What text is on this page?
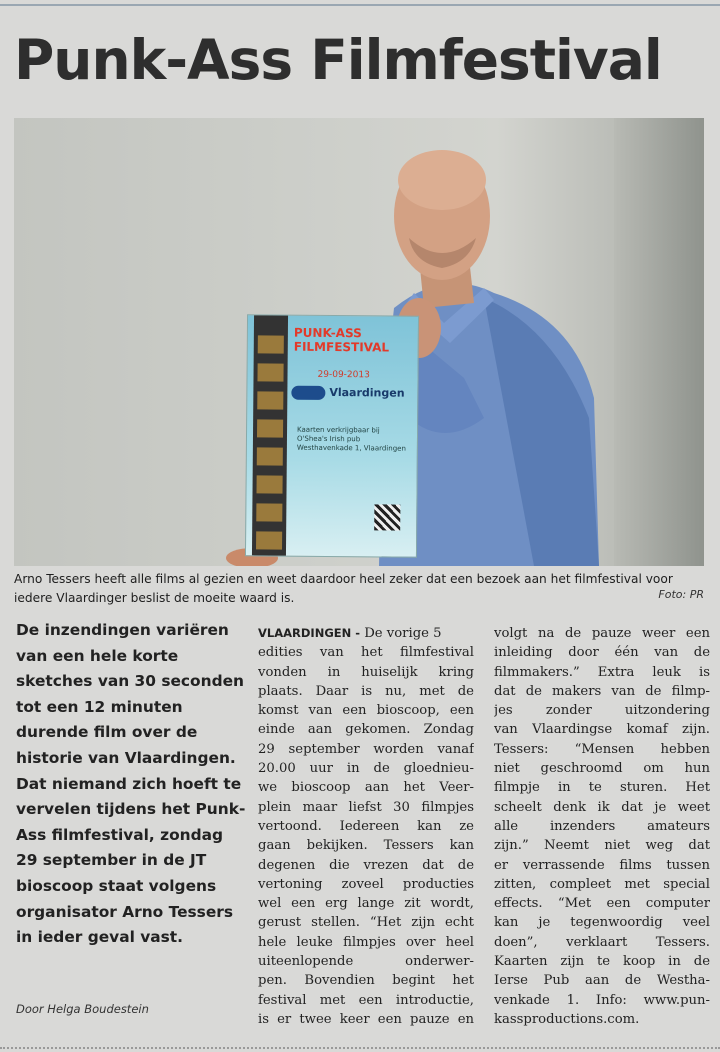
Punk-Ass Filmfestival
PUNK-ASS FILMFESTIVAL
29-09-2013
Vlaardingen
Kaarten verkrijgbaar bij O'Shea's Irish pub Westhavenkade 1, Vlaardingen
Arno Tessers heeft alle films al gezien en weet daardoor heel zeker dat een bezoek aan het filmfestival voor iedere Vlaardinger beslist de moeite waard is.	Foto: PR
De inzendingen variëren van een hele korte sketches van 30 seconden tot een 12 minuten durende film over de historie van Vlaardingen. Dat niemand zich hoeft te vervelen tijdens het Punk-Ass filmfestival, zondag 29 september in de JT bioscoop staat volgens organisator Arno Tessers in ieder geval vast.
Door Helga Boudestein
VLAARDINGEN - De vorige 5
edities van het filmfestival
vonden in huiselijk kring
plaats. Daar is nu, met de
komst van een bioscoop, een
einde aan gekomen. Zondag
29 september worden vanaf
20.00 uur in de gloednieu-
we bioscoop aan het Veer-
plein maar liefst 30 filmpjes
vertoond. Iedereen kan ze
gaan bekijken. Tessers kan
degenen die vrezen dat de
vertoning zoveel producties
wel een erg lange zit wordt,
gerust stellen. “Het zijn echt
hele leuke filmpjes over heel
uiteenlopende onderwer-
pen. Bovendien begint het
festival met een introductie,
is er twee keer een pauze en
volgt na de pauze weer een
inleiding door één van de
filmmakers.” Extra leuk is
dat de makers van de filmp-
jes zonder uitzondering
van Vlaardingse komaf zijn.
Tessers: “Mensen hebben
niet geschroomd om hun
filmpje in te sturen. Het
scheelt denk ik dat je weet
alle inzenders amateurs
zijn.” Neemt niet weg dat
er verrassende films tussen
zitten, compleet met special
effects. “Met een computer
kan je tegenwoordig veel
doen”, verklaart Tessers.
Kaarten zijn te koop in de
Ierse Pub aan de Westha-
venkade 1. Info: www.pun-
kassproductions.com.
